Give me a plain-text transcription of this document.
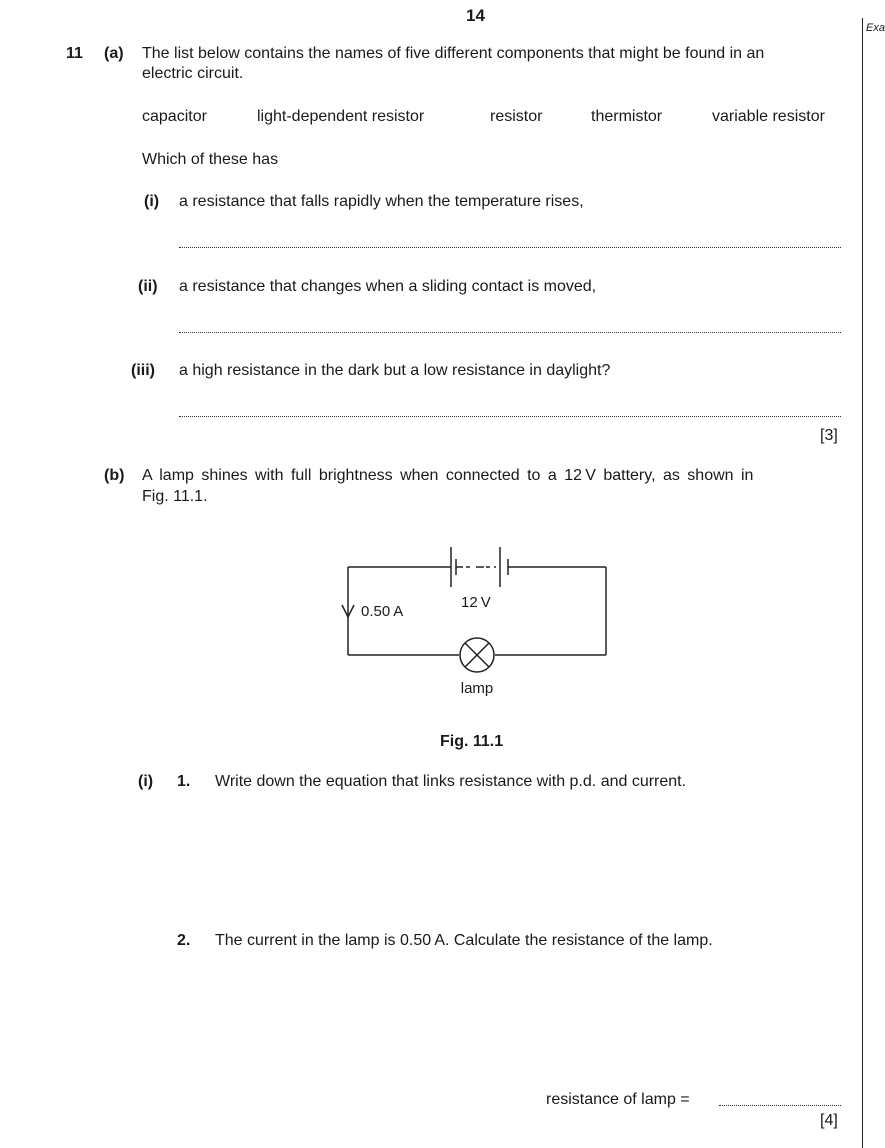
14
Exa
11 (a) The list below contains the names of five different components that might be found in an
electric circuit.
capacitor	light-dependent resistor	resistor	thermistor	variable resistor
Which of these has
(i) a resistance that falls rapidly when the temperature rises,
(ii) a resistance that changes when a sliding contact is moved,
(iii) a high resistance in the dark but a low resistance in daylight?
[3]
(b) A lamp shines with full brightness when connected to a 12 V battery, as shown in
Fig. 11.1.
0.50 A
12 V
lamp
Fig. 11.1
(i) 1. Write down the equation that links resistance with p.d. and current.
2. The current in the lamp is 0.50 A. Calculate the resistance of the lamp.
resistance of lamp =
[4]
